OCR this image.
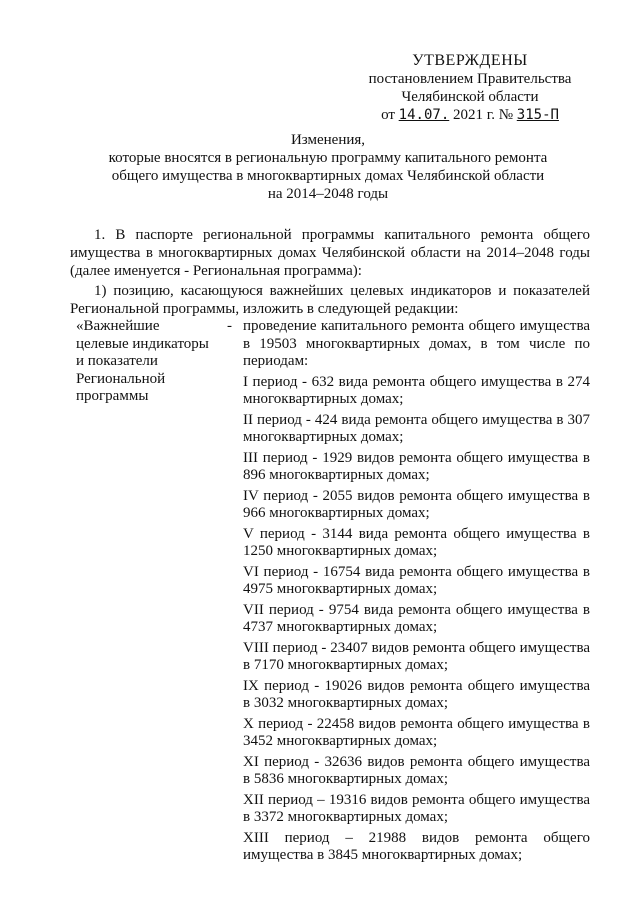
УТВЕРЖДЕНЫ
постановлением Правительства
Челябинской области
от 14.07. 2021 г. № 315-П
Изменения,
которые вносятся в региональную программу капитального ремонта
общего имущества в многоквартирных домах Челябинской области
на 2014–2048 годы
1. В паспорте региональной программы капитального ремонта общего имущества в многоквартирных домах Челябинской области на 2014–2048 годы (далее именуется - Региональная программа):
1) позицию, касающуюся важнейших целевых индикаторов и показателей Региональной программы, изложить в следующей редакции:
«Важнейшие
целевые индикаторы
и показатели
Региональной
программы
- проведение капитального ремонта общего имущества в 19503 многоквартирных домах, в том числе по периодам:
I период - 632 вида ремонта общего имущества в 274 многоквартирных домах;
II период - 424 вида ремонта общего имущества в 307 многоквартирных домах;
III период - 1929 видов ремонта общего имущества в 896 многоквартирных домах;
IV период - 2055 видов ремонта общего имущества в 966 многоквартирных домах;
V период - 3144 вида ремонта общего имущества в 1250 многоквартирных домах;
VI период - 16754 вида ремонта общего имущества в 4975 многоквартирных домах;
VII период - 9754 вида ремонта общего имущества в 4737 многоквартирных домах;
VIII период - 23407 видов ремонта общего имущества в 7170 многоквартирных домах;
IX период - 19026 видов ремонта общего имущества в 3032 многоквартирных домах;
X период - 22458 видов ремонта общего имущества в 3452 многоквартирных домах;
XI период - 32636 видов ремонта общего имущества в 5836 многоквартирных домах;
XII период – 19316 видов ремонта общего имущества в 3372 многоквартирных домах;
XIII период – 21988 видов ремонта общего имущества в 3845 многоквартирных домах;
